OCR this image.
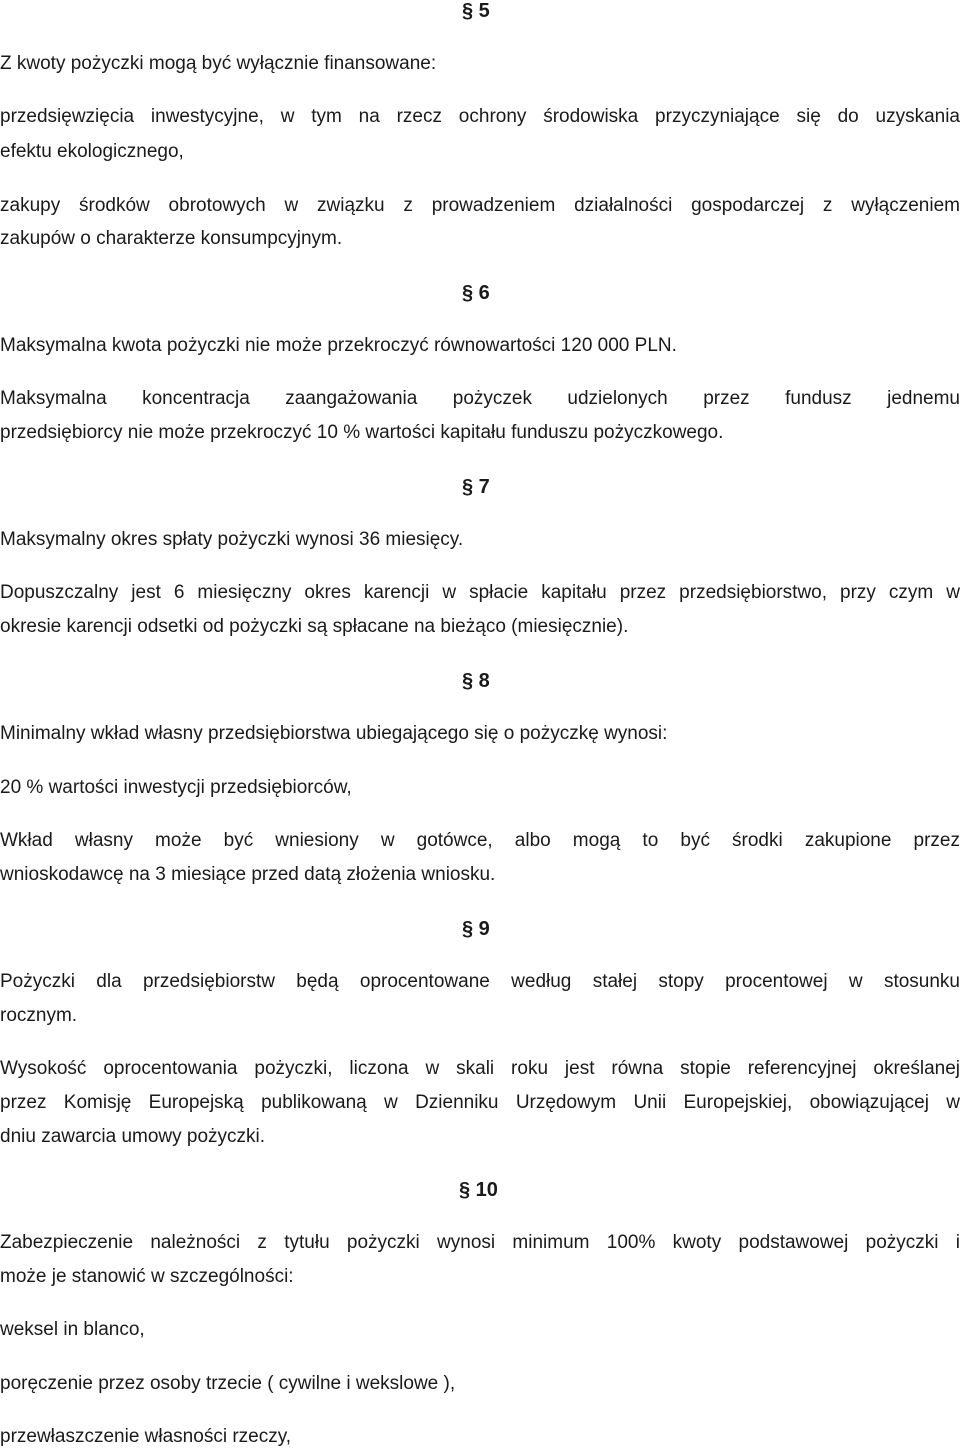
§ 5

Z kwoty pożyczki mogą być wyłącznie finansowane:

przedsięwzięcia inwestycyjne, w tym na rzecz ochrony środowiska przyczyniające się do uzyskania

efektu ekologicznego,

zakupy środków obrotowych w związku z prowadzeniem działalności gospodarczej z wyłączeniem

zakupów o charakterze konsumpcyjnym.

§ 6

Maksymalna kwota pożyczki nie może przekroczyć równowartości 120 000 PLN.

Maksymalna koncentracja zaangażowania pożyczek udzielonych przez fundusz jednemu

przedsiębiorcy nie może przekroczyć 10 % wartości kapitału funduszu pożyczkowego.

§ 7

Maksymalny okres spłaty pożyczki wynosi 36 miesięcy.

Dopuszczalny jest 6 miesięczny okres karencji w spłacie kapitału przez przedsiębiorstwo, przy czym w

okresie karencji odsetki od pożyczki są spłacane na bieżąco (miesięcznie).

§ 8

Minimalny wkład własny przedsiębiorstwa ubiegającego się o pożyczkę wynosi:

20 % wartości inwestycji przedsiębiorców,

Wkład własny może być wniesiony w gotówce, albo mogą to być środki zakupione przez

wnioskodawcę na 3 miesiące przed datą złożenia wniosku.

§ 9

Pożyczki dla przedsiębiorstw będą oprocentowane według stałej stopy procentowej w stosunku

rocznym.

Wysokość oprocentowania pożyczki, liczona w skali roku jest równa stopie referencyjnej określanej

przez Komisję Europejską publikowaną w Dzienniku Urzędowym Unii Europejskiej, obowiązującej w

dniu zawarcia umowy pożyczki.

§ 10

Zabezpieczenie należności z tytułu pożyczki wynosi minimum 100% kwoty podstawowej pożyczki i

może je stanowić w szczególności:

weksel in blanco,

poręczenie przez osoby trzecie ( cywilne i wekslowe ),

przewłaszczenie własności rzeczy,
